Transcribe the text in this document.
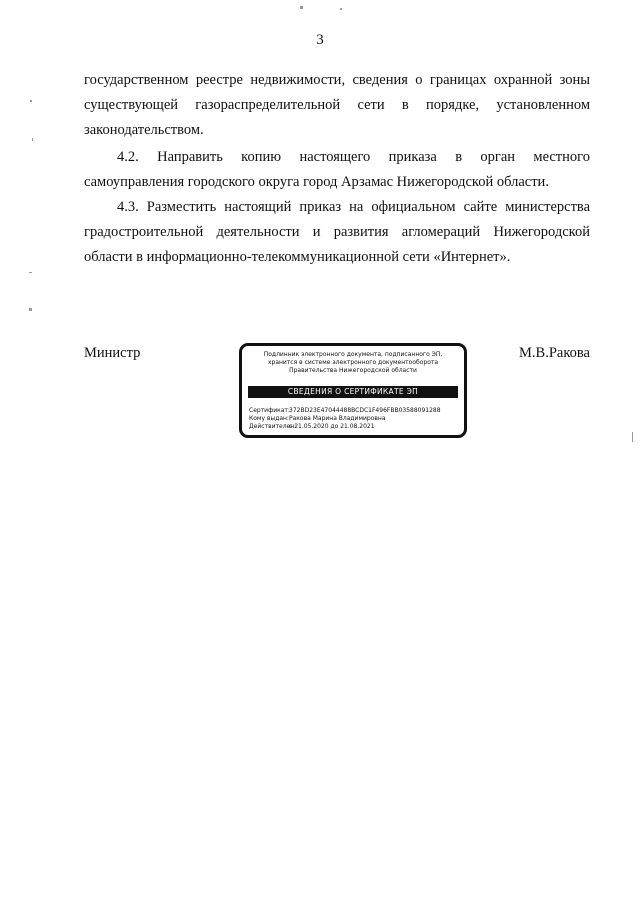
3
государственном реестре недвижимости, сведения о границах охранной зоны
существующей газораспределительной сети в порядке, установленном
законодательством.
4.2. Направить копию настоящего приказа в орган местного
самоуправления городского округа город Арзамас Нижегородской области.
4.3. Разместить настоящий приказ на официальном сайте министерства
градостроительной деятельности и развития агломераций Нижегородской
области в информационно-телекоммуникационной сети «Интернет».
Министр	М.В.Ракова
Подлинник электронного документа, подписанного ЭП,
хранится в системе электронного документооборота
Правительства Нижегородской области
СВЕДЕНИЯ О СЕРТИФИКАТЕ ЭП
Сертификат:372BD23E47044488BCDC1F496FBB03588091288
Кому выдан:Ракова Марина Владимировна
Действителен:с 21.05.2020 до 21.08.2021
